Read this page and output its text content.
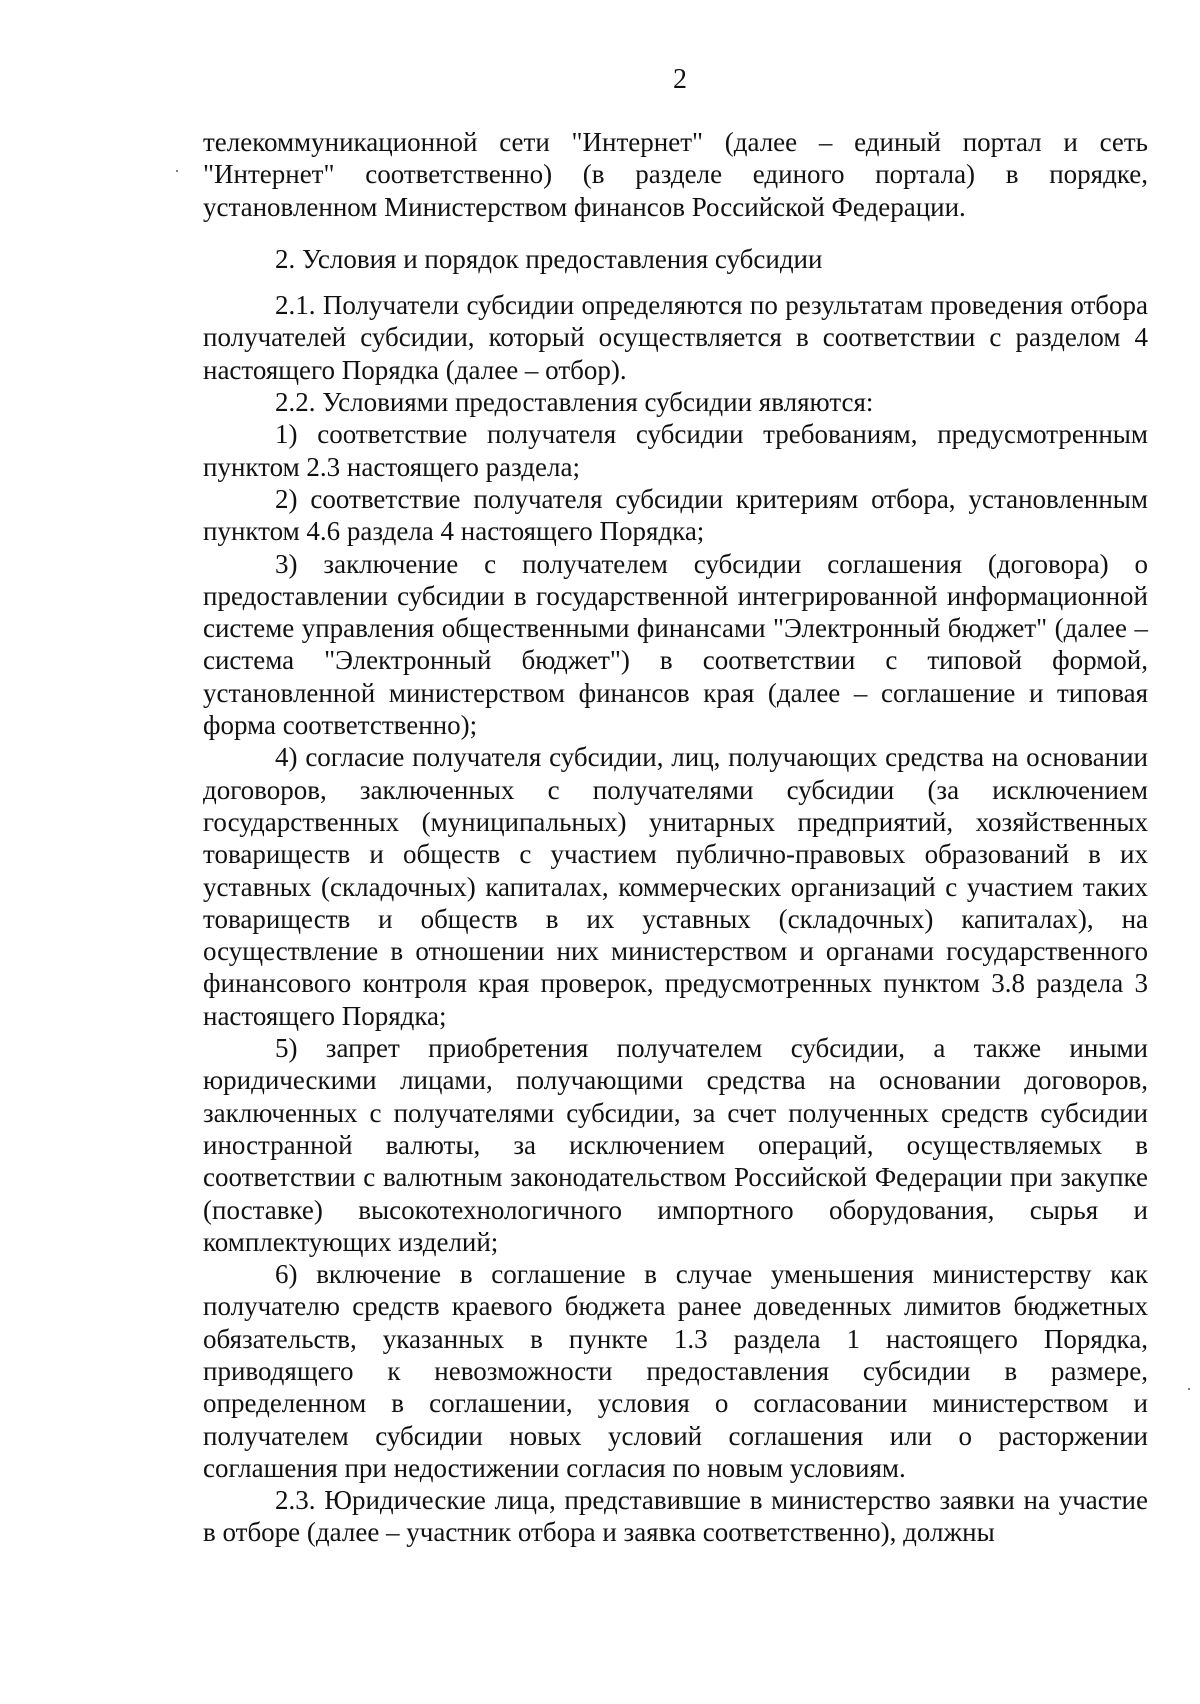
2

телекоммуникационной сети "Интернет" (далее – единый портал и сеть "Интернет" соответственно) (в разделе единого портала) в порядке, установленном Министерством финансов Российской Федерации.

2. Условия и порядок предоставления субсидии

2.1. Получатели субсидии определяются по результатам проведения отбора получателей субсидии, который осуществляется в соответствии с разделом 4 настоящего Порядка (далее – отбор).

2.2. Условиями предоставления субсидии являются:

1) соответствие получателя субсидии требованиям, предусмотренным пунктом 2.3 настоящего раздела;

2) соответствие получателя субсидии критериям отбора, установленным пунктом 4.6 раздела 4 настоящего Порядка;

3) заключение с получателем субсидии соглашения (договора) о предоставлении субсидии в государственной интегрированной информационной системе управления общественными финансами "Электронный бюджет" (далее – система "Электронный бюджет") в соответствии с типовой формой, установленной министерством финансов края (далее – соглашение и типовая форма соответственно);

4) согласие получателя субсидии, лиц, получающих средства на основании договоров, заключенных с получателями субсидии (за исключением государственных (муниципальных) унитарных предприятий, хозяйственных товариществ и обществ с участием публично-правовых образований в их уставных (складочных) капиталах, коммерческих организаций с участием таких товариществ и обществ в их уставных (складочных) капиталах), на осуществление в отношении них министерством и органами государственного финансового контроля края проверок, предусмотренных пунктом 3.8 раздела 3 настоящего Порядка;

5) запрет приобретения получателем субсидии, а также иными юридическими лицами, получающими средства на основании договоров, заключенных с получателями субсидии, за счет полученных средств субсидии иностранной валюты, за исключением операций, осуществляемых в соответствии с валютным законодательством Российской Федерации при закупке (поставке) высокотехнологичного импортного оборудования, сырья и комплектующих изделий;

6) включение в соглашение в случае уменьшения министерству как получателю средств краевого бюджета ранее доведенных лимитов бюджетных обязательств, указанных в пункте 1.3 раздела 1 настоящего Порядка, приводящего к невозможности предоставления субсидии в размере, определенном в соглашении, условия о согласовании министерством и получателем субсидии новых условий соглашения или о расторжении соглашения при недостижении согласия по новым условиям.

2.3. Юридические лица, представившие в министерство заявки на участие в отборе (далее – участник отбора и заявка соответственно), должны
